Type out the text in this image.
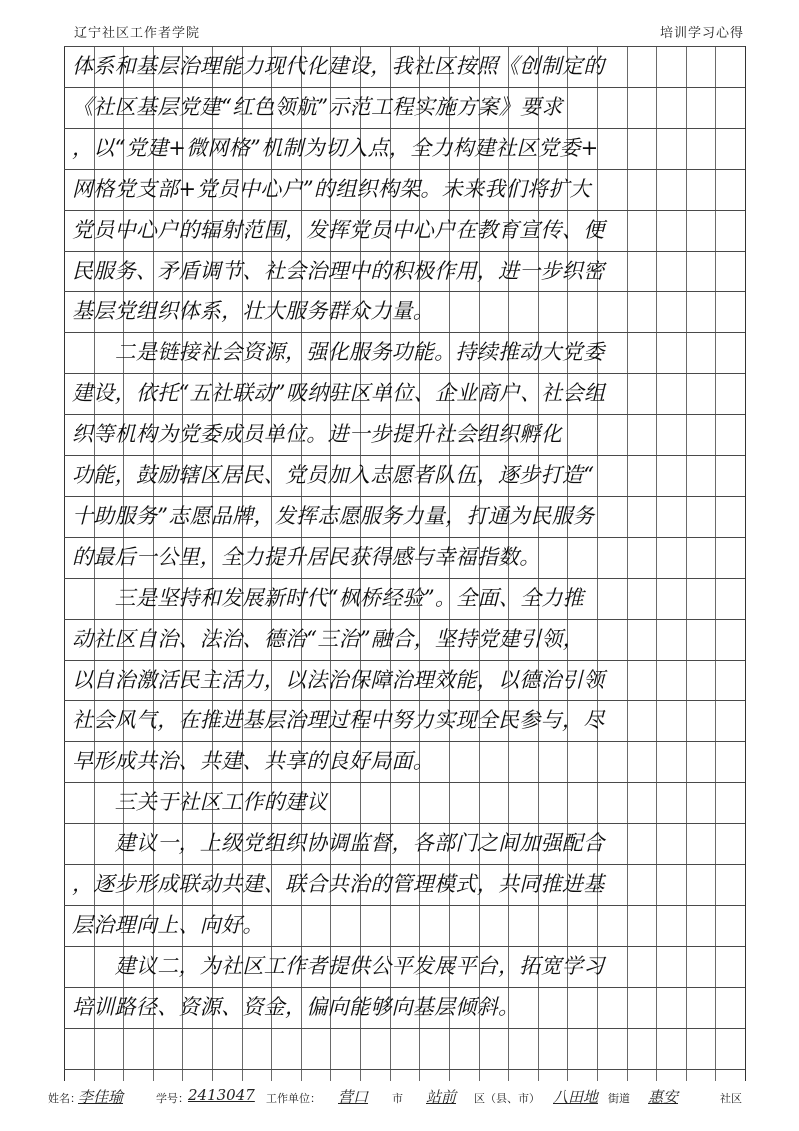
辽宁社区工作者学院	培训学习心得
体系和基层治理能力现代化建设，我社区按照《创制定的
《社区基层党建“红色领航”示范工程实施方案》要求
，以“党建+微网格”机制为切入点，全力构建社区党委+
网格党支部+党员中心户”的组织构架。未来我们将扩大
党员中心户的辐射范围，发挥党员中心户在教育宣传、便
民服务、矛盾调节、社会治理中的积极作用，进一步织密
基层党组织体系，壮大服务群众力量。
　　二是链接社会资源，强化服务功能。持续推动大党委
建设，依托“五社联动”吸纳驻区单位、企业商户、社会组
织等机构为党委成员单位。进一步提升社会组织孵化
功能，鼓励辖区居民、党员加入志愿者队伍，逐步打造“
十助服务”志愿品牌，发挥志愿服务力量，打通为民服务
的最后一公里，全力提升居民获得感与幸福指数。
　　三是坚持和发展新时代“枫桥经验”。全面、全力推
动社区自治、法治、德治“三治”融合，坚持党建引领，
以自治激活民主活力，以法治保障治理效能，以德治引领
社会风气，在推进基层治理过程中努力实现全民参与，尽
早形成共治、共建、共享的良好局面。
　　三关于社区工作的建议
　　建议一，上级党组织协调监督，各部门之间加强配合
，逐步形成联动共建、联合共治的管理模式，共同推进基
层治理向上、向好。
　　建议二，为社区工作者提供公平发展平台，拓宽学习
培训路径、资源、资金，偏向能够向基层倾斜。
姓名：
李佳瑜	学号： 2413047 工作单位： 营口 市 站前 区（县、市） 八田地 街道 惠安	社区
